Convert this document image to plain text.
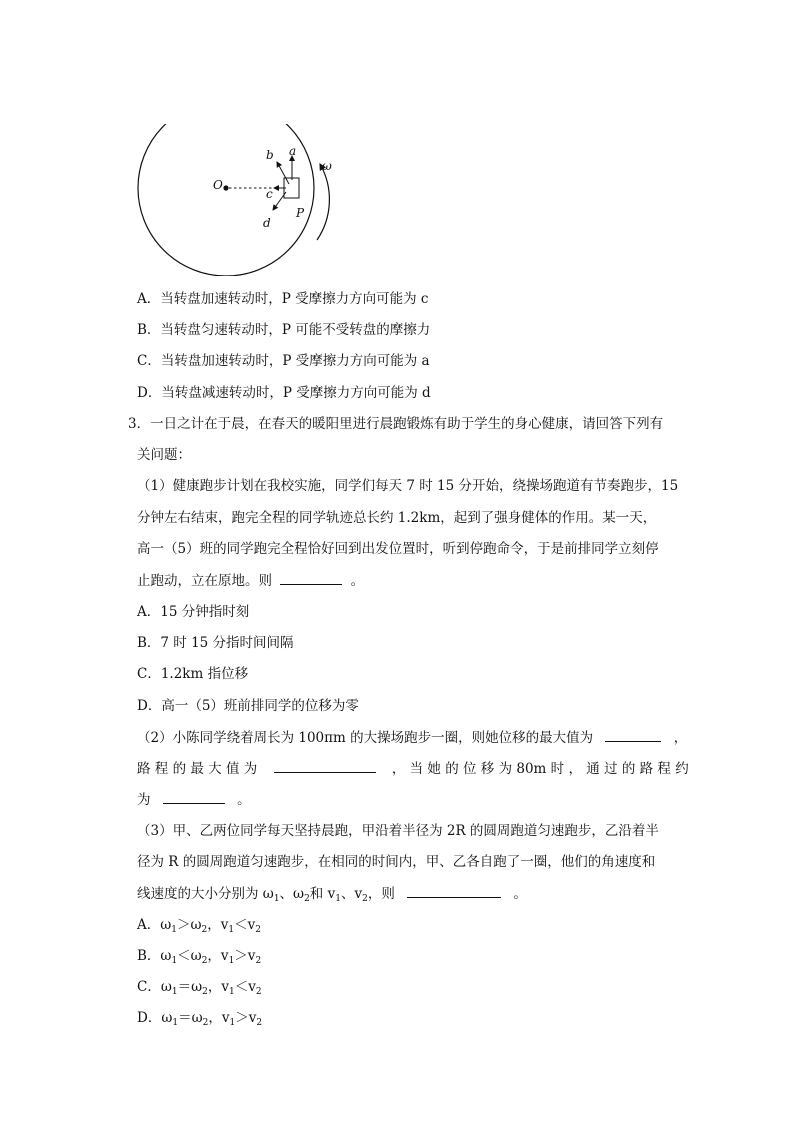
O
P
a
b
c
d
ω
A．当转盘加速转动时，P 受摩擦力方向可能为 c
B．当转盘匀速转动时，P 可能不受转盘的摩擦力
C．当转盘加速转动时，P 受摩擦力方向可能为 a
D．当转盘减速转动时，P 受摩擦力方向可能为 d
3．一日之计在于晨，在春天的暖阳里进行晨跑锻炼有助于学生的身心健康，请回答下列有
关问题：
（1）健康跑步计划在我校实施，同学们每天 7 时 15 分开始，绕操场跑道有节奏跑步，15
分钟左右结束，跑完全程的同学轨迹总长约 1.2km，起到了强身健体的作用。某一天，
高一（5）班的同学跑完全程恰好回到出发位置时，听到停跑命令，于是前排同学立刻停
止跑动，立在原地。则	。
A．15 分钟指时刻
B．7 时 15 分指时间间隔
C．1.2km 指位移
D．高一（5）班前排同学的位移为零
（2）小陈同学绕着周长为 100πm 的大操场跑步一圈，则她位移的最大值为	，
路 程 的 最 大 值 为	， 当 她 的 位 移 为 80m 时 ， 通 过 的 路 程 约
为	。
（3）甲、乙两位同学每天坚持晨跑，甲沿着半径为 2R 的圆周跑道匀速跑步，乙沿着半
径为 R 的圆周跑道匀速跑步，在相同的时间内，甲、乙各自跑了一圈，他们的角速度和
线速度的大小分别为 $\omega_1$、$\omega_2$和 $v_1$、$v_2$，则	。
A．$\omega_1>\omega_2$，$v_1<v_2$
B．$\omega_1<\omega_2$，$v_1>v_2$
C．$\omega_1=\omega_2$，$v_1<v_2$
D．$\omega_1=\omega_2$，$v_1>v_2$
